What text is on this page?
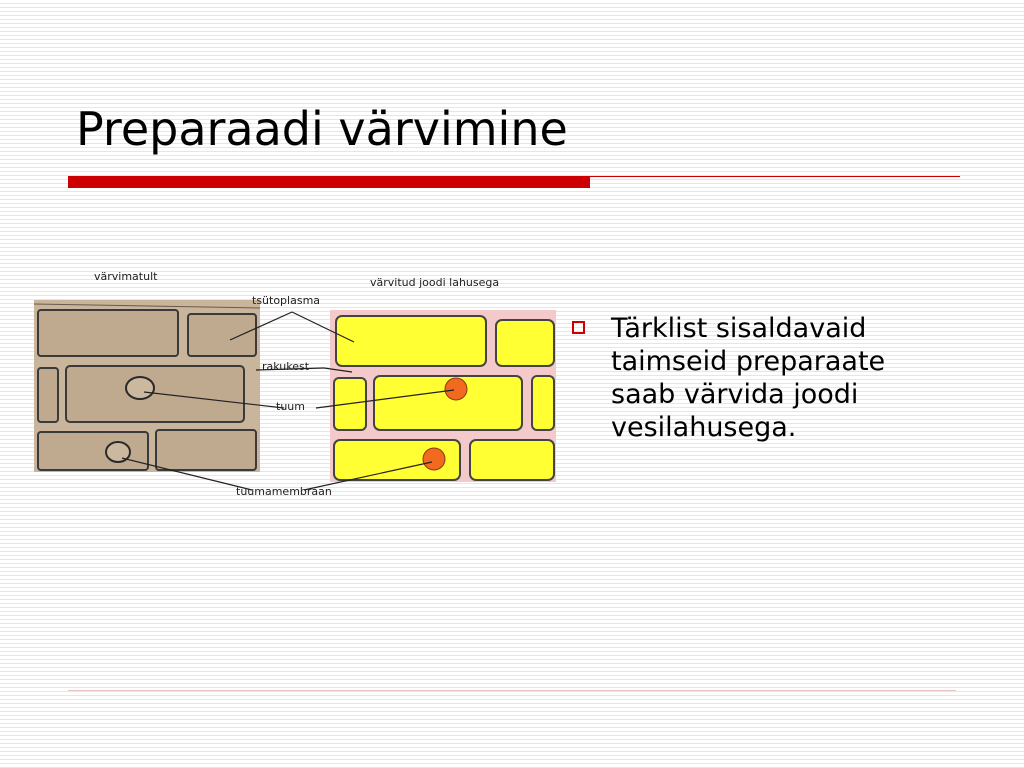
Preparaadi värvimine
värvimatult	värvitud joodi lahusega
tsütoplasma
rakukest
tuum
tuumamembraan
Tärklist sisaldavaid taimseid preparaate saab värvida joodi vesilahusega.
